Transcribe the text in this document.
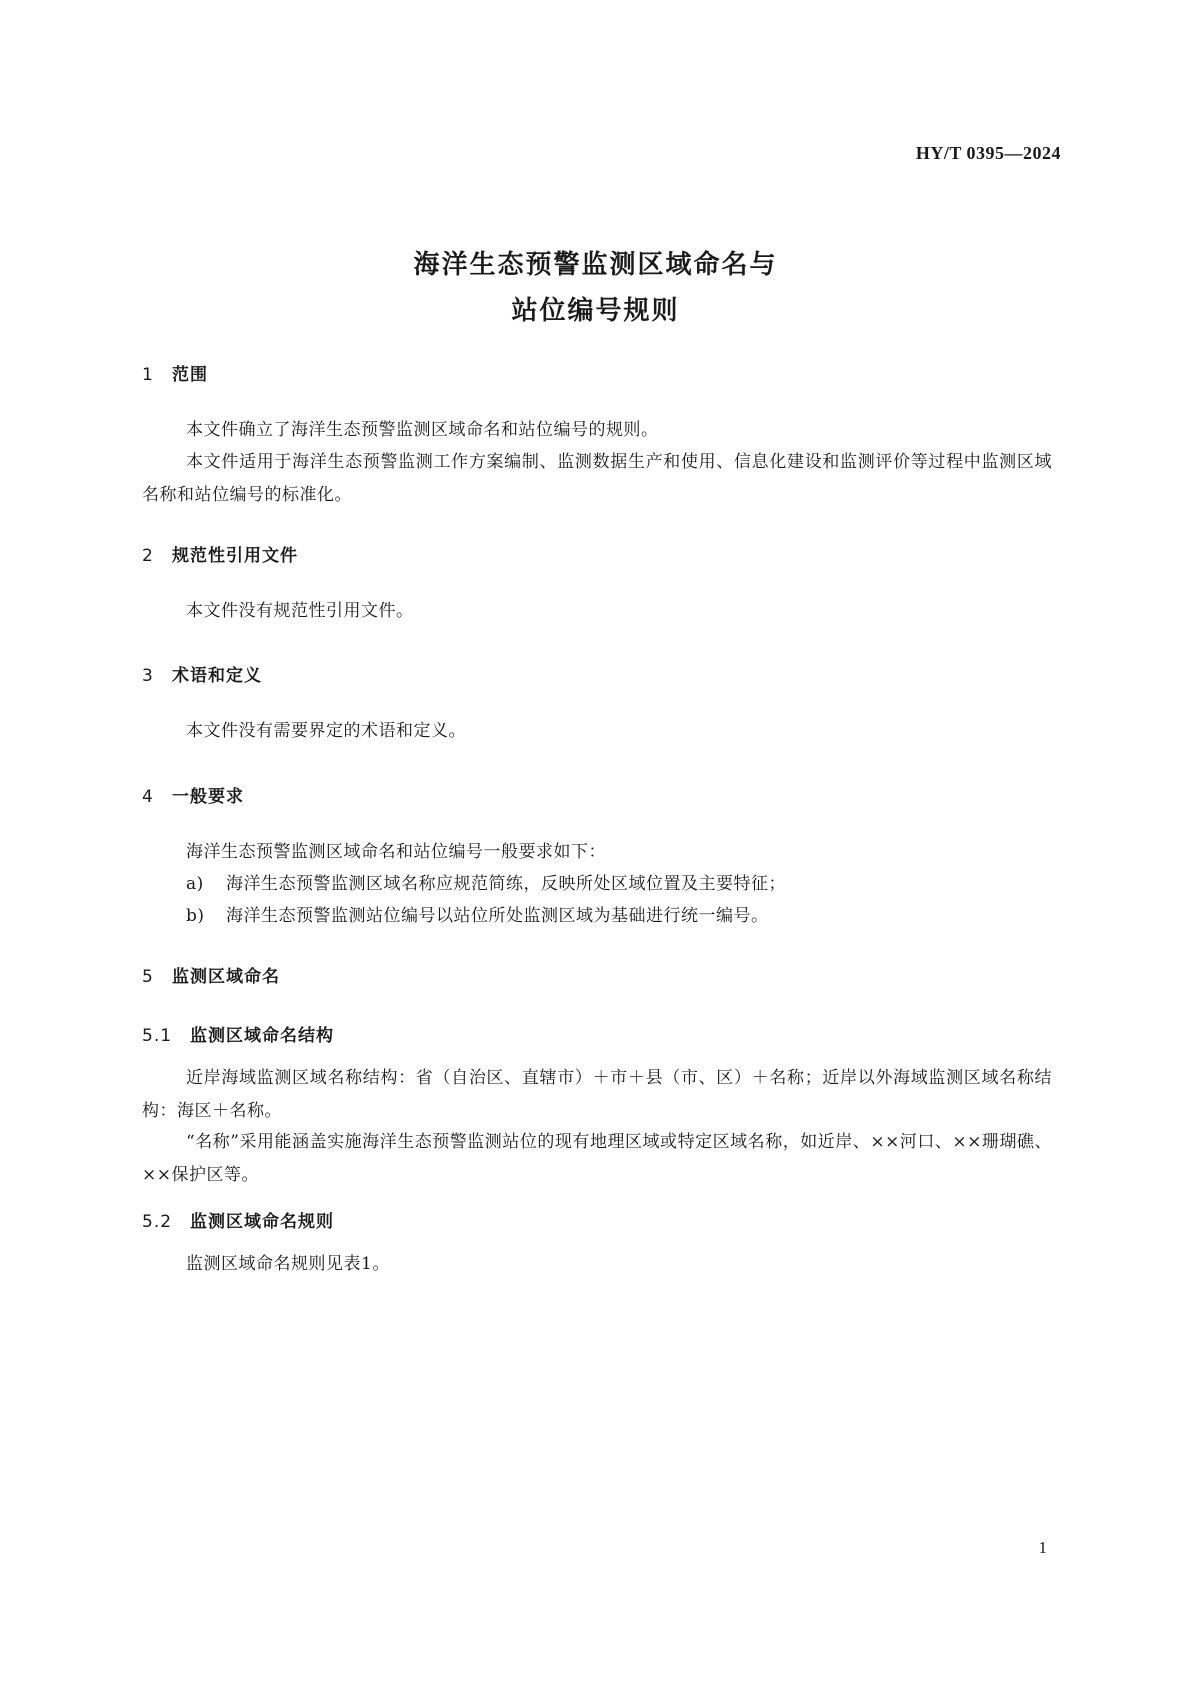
HY/T 0395—2024
海洋生态预警监测区域命名与
站位编号规则
1 范围
本文件确立了海洋生态预警监测区域命名和站位编号的规则。
本文件适用于海洋生态预警监测工作方案编制、监测数据生产和使用、信息化建设和监测评价等过程中监测区域名称和站位编号的标准化。
2 规范性引用文件
本文件没有规范性引用文件。
3 术语和定义
本文件没有需要界定的术语和定义。
4 一般要求
海洋生态预警监测区域命名和站位编号一般要求如下：
a) 海洋生态预警监测区域名称应规范简练，反映所处区域位置及主要特征；
b) 海洋生态预警监测站位编号以站位所处监测区域为基础进行统一编号。
5 监测区域命名
5.1 监测区域命名结构
近岸海域监测区域名称结构：省（自治区、直辖市）＋市＋县（市、区）＋名称；近岸以外海域监测区域名称结构：海区＋名称。
“名称”采用能涵盖实施海洋生态预警监测站位的现有地理区域或特定区域名称，如近岸、××河口、××珊瑚礁、××保护区等。
5.2 监测区域命名规则
监测区域命名规则见表1。
1
